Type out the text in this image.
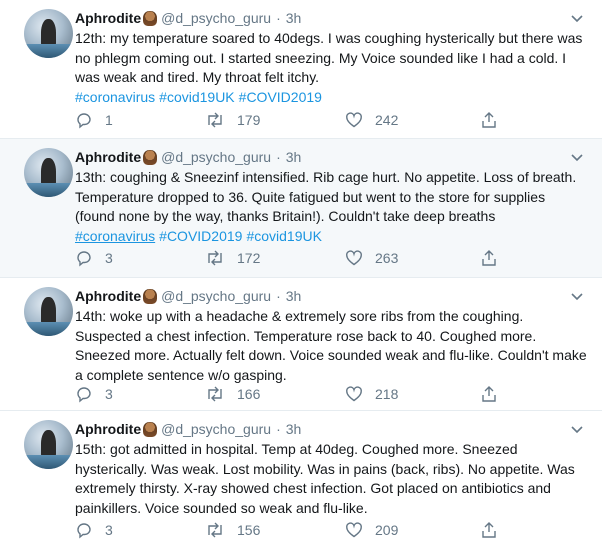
Aphrodite @d_psycho_guru · 3h
12th: my temperature soared to 40degs. I was coughing hysterically but there was no phlegm coming out. I started sneezing. My Voice sounded like I had a cold. I was weak and tired. My throat felt itchy.
#coronavirus #covid19UK #COVID2019
1	179	242
Aphrodite @d_psycho_guru · 3h
13th: coughing & Sneezinf intensified. Rib cage hurt. No appetite. Loss of breath. Temperature dropped to 36. Quite fatigued but went to the store for supplies (found none by the way, thanks Britain!). Couldn't take deep breaths
#coronavirus #COVID2019 #covid19UK
3	172	263
Aphrodite @d_psycho_guru · 3h
14th: woke up with a headache & extremely sore ribs from the coughing. Suspected a chest infection. Temperature rose back to 40. Coughed more. Sneezed more. Actually felt down. Voice sounded weak and flu-like. Couldn't make a complete sentence w/o gasping.
3	166	218
Aphrodite @d_psycho_guru · 3h
15th: got admitted in hospital. Temp at 40deg. Coughed more. Sneezed hysterically. Was weak. Lost mobility. Was in pains (back, ribs). No appetite. Was extremely thirsty. X-ray showed chest infection. Got placed on antibiotics and painkillers. Voice sounded so weak and flu-like.
3	156	209
